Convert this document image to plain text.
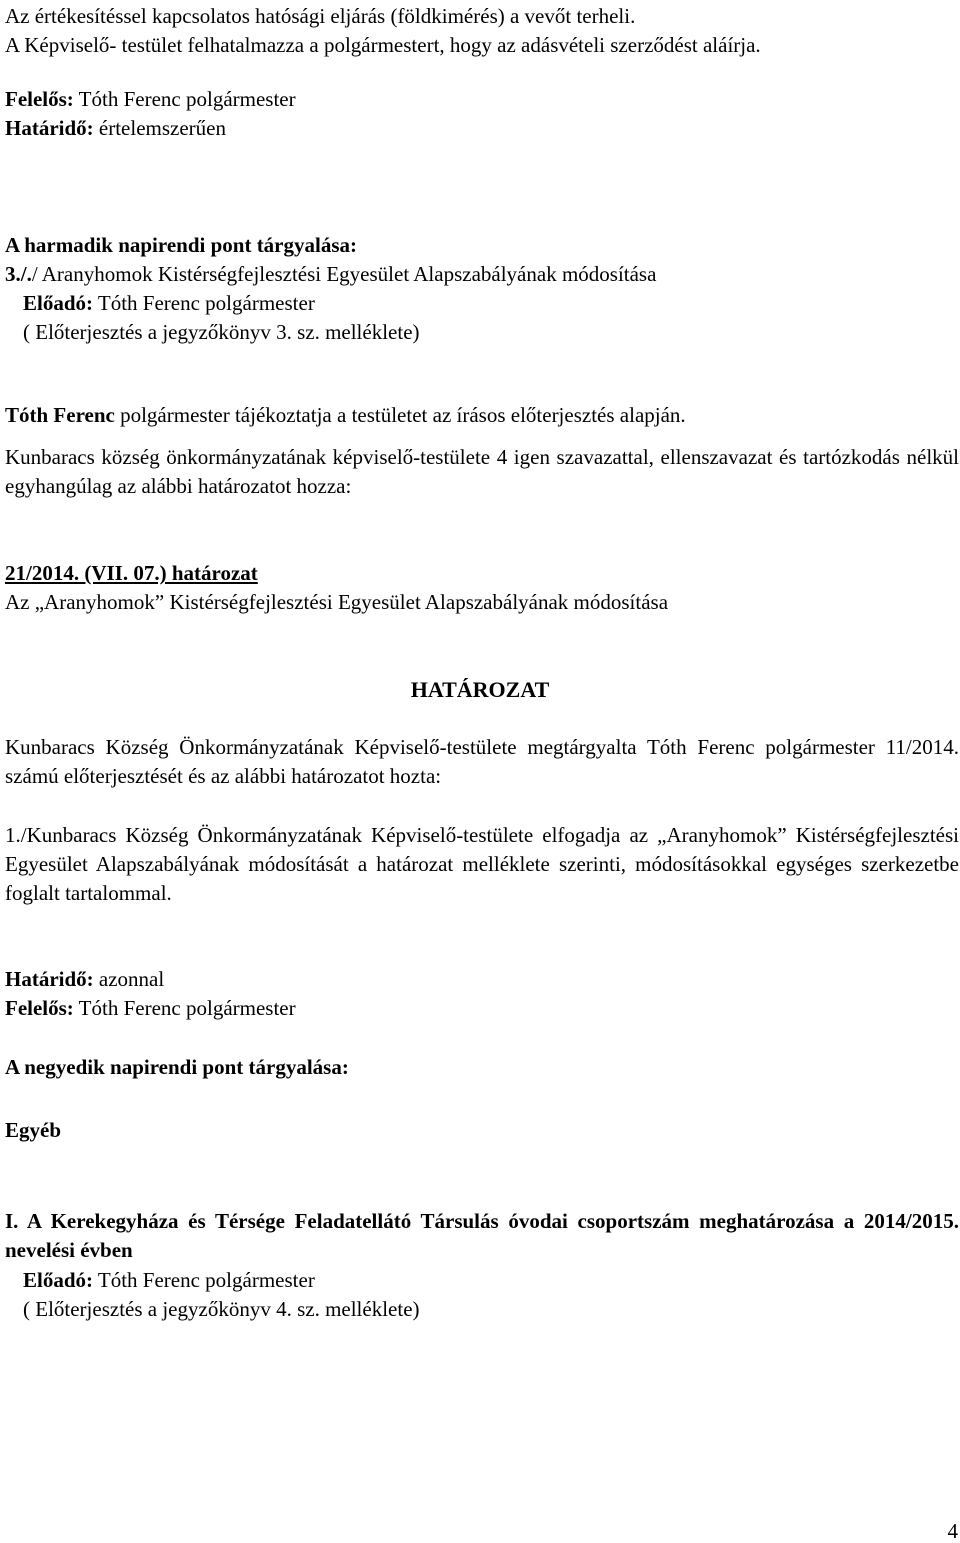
Az értékesítéssel kapcsolatos hatósági eljárás (földkimérés) a vevőt terheli.
A Képviselő- testület felhatalmazza a polgármestert, hogy az adásvételi szerződést aláírja.
Felelős: Tóth Ferenc polgármester
Határidő: értelemszerűen
A harmadik napirendi pont tárgyalása:
3././ Aranyhomok Kistérségfejlesztési Egyesület Alapszabályának módosítása
Előadó: Tóth Ferenc polgármester
( Előterjesztés a jegyzőkönyv 3. sz. melléklete)
Tóth Ferenc polgármester tájékoztatja a testületet az írásos előterjesztés alapján.
Kunbaracs község önkormányzatának képviselő-testülete 4 igen szavazattal, ellenszavazat és tartózkodás nélkül egyhangúlag az alábbi határozatot hozza:
21/2014. (VII. 07.) határozat
Az „Aranyhomok” Kistérségfejlesztési Egyesület Alapszabályának módosítása
HATÁROZAT
Kunbaracs Község Önkormányzatának Képviselő-testülete megtárgyalta Tóth Ferenc polgármester 11/2014. számú előterjesztését és az alábbi határozatot hozta:
1./Kunbaracs Község Önkormányzatának Képviselő-testülete elfogadja az „Aranyhomok” Kistérségfejlesztési Egyesület Alapszabályának módosítását a határozat melléklete szerinti, módosításokkal egységes szerkezetbe foglalt tartalommal.
Határidő: azonnal
Felelős: Tóth Ferenc polgármester
A negyedik napirendi pont tárgyalása:
Egyéb
I. A Kerekegyháza és Térsége Feladatellátó Társulás óvodai csoportszám meghatározása a 2014/2015. nevelési évben
Előadó: Tóth Ferenc polgármester
( Előterjesztés a jegyzőkönyv 4. sz. melléklete)
4
